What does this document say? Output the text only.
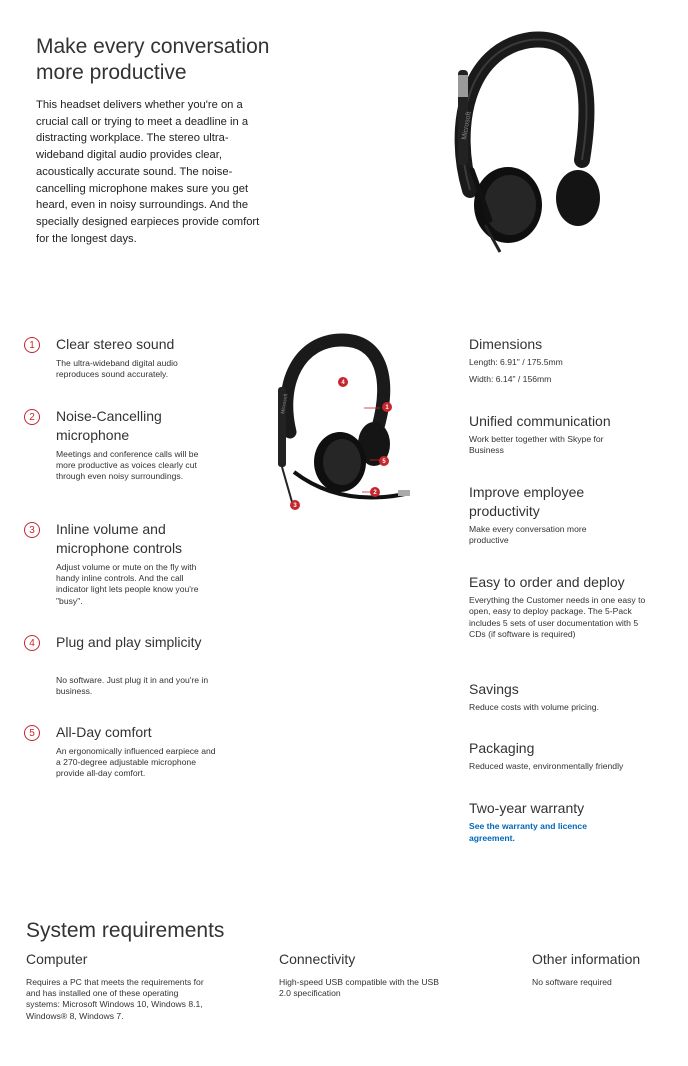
Make every conversation more productive
This headset delivers whether you're on a crucial call or trying to meet a deadline in a distracting workplace. The stereo ultra-wideband digital audio provides clear, acoustically accurate sound. The noise-cancelling microphone makes sure you get heard, even in noisy surroundings. And the specially designed earpieces provide comfort for the longest days.
Microsoft
1	Clear stereo sound
The ultra-wideband digital audio reproduces sound accurately.
2	Noise-Cancelling microphone
Meetings and conference calls will be more productive as voices clearly cut through even noisy surroundings.
3	Inline volume and microphone controls
Adjust volume or mute on the fly with handy inline controls. And the call indicator light lets people know you're "busy".
4	Plug and play simplicity
No software. Just plug it in and you're in business.
5	All-Day comfort
An ergonomically influenced earpiece and a 270-degree adjustable microphone provide all-day comfort.
4
1
5
2
3
Microsoft
Dimensions
Length: 6.91" / 175.5mm
Width: 6.14" / 156mm
Unified communication
Work better together with Skype for Business
Improve employee productivity
Make every conversation more productive
Easy to order and deploy
Everything the Customer needs in one easy to open, easy to deploy package. The 5-Pack includes 5 sets of user documentation with 5 CDs (if software is required)
Savings
Reduce costs with volume pricing.
Packaging
Reduced waste, environmentally friendly
Two-year warranty
See the warranty and licence agreement.
System requirements
Computer
Requires a PC that meets the requirements for and has installed one of these operating systems: Microsoft Windows 10, Windows 8.1, Windows® 8, Windows 7.
Connectivity
High-speed USB compatible with the USB 2.0 specification
Other information
No software required
